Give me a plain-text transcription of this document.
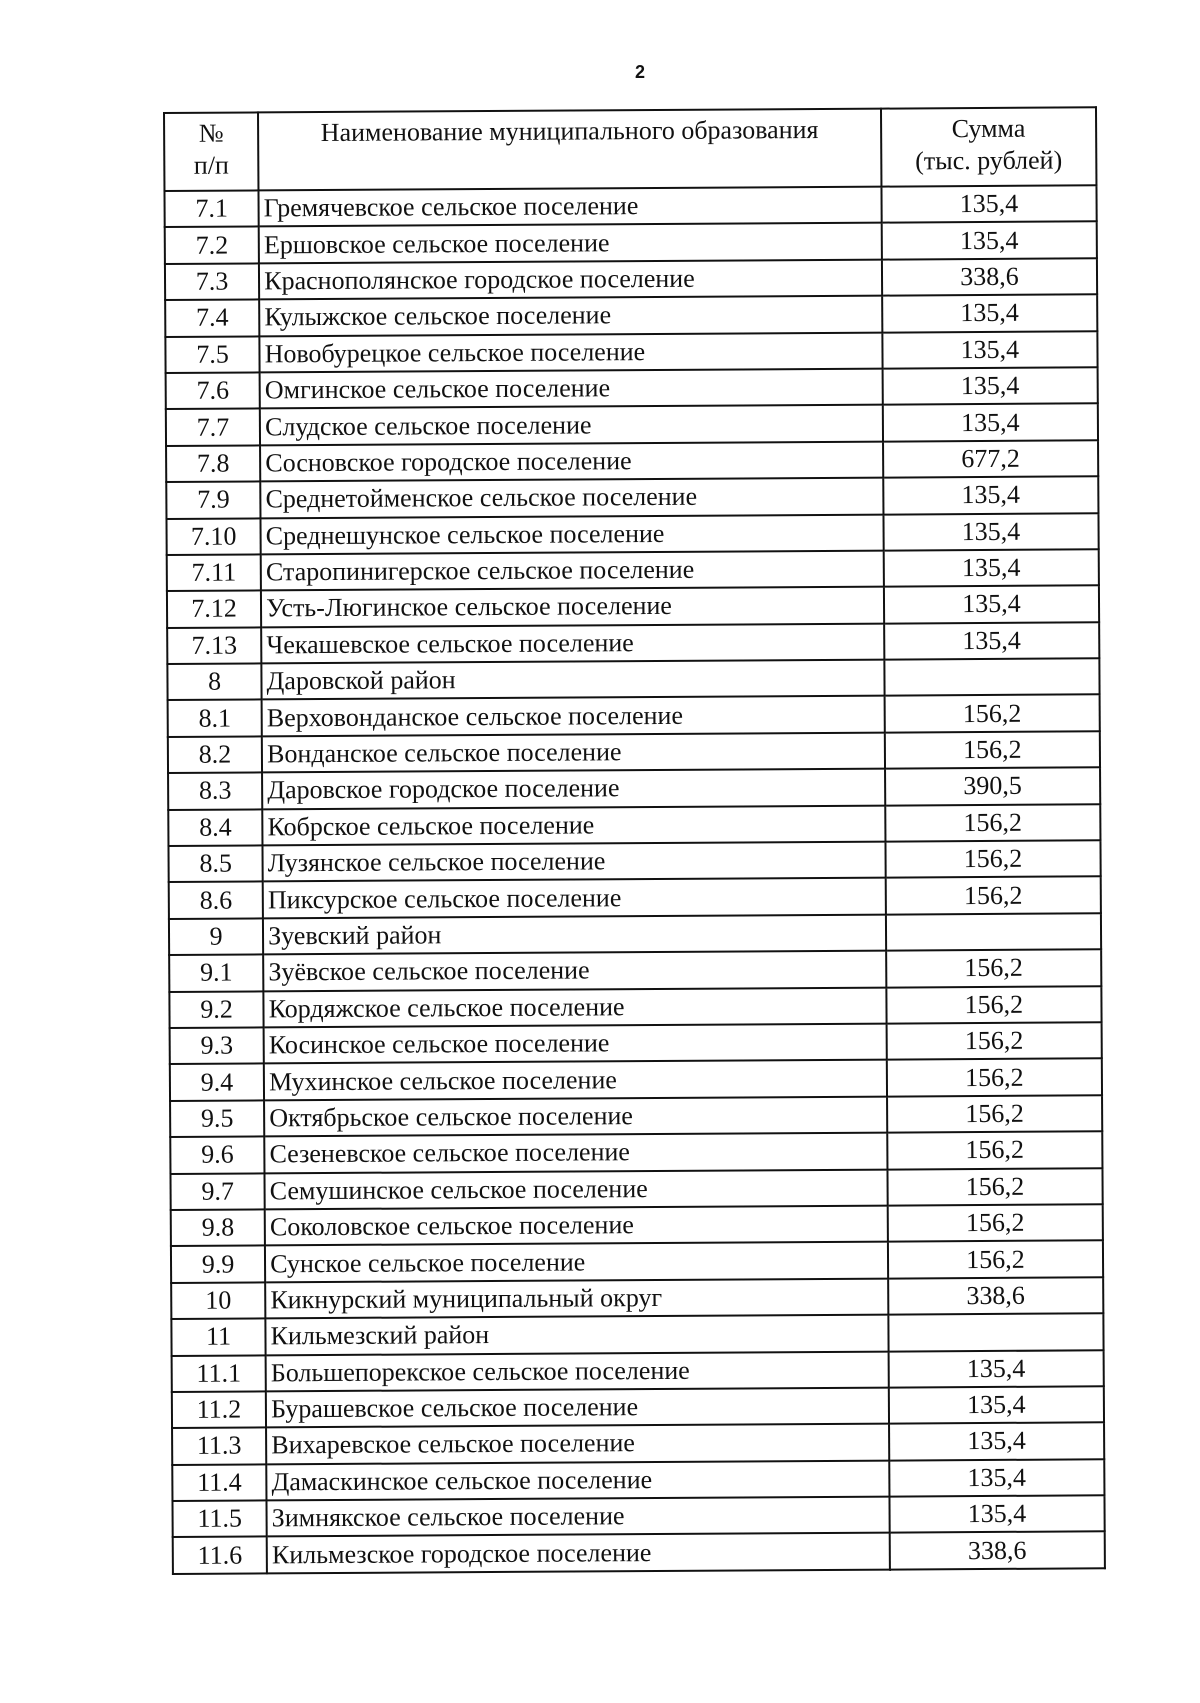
2
№
п/п	Наименование муниципального образования	Сумма
(тыс. рублей)

7.1	Гремячевское сельское поселение	135,4
7.2	Ершовское сельское поселение	135,4
7.3	Краснополянское городское поселение	338,6
7.4	Кулыжское сельское поселение	135,4
7.5	Новобурецкое сельское поселение	135,4
7.6	Омгинское сельское поселение	135,4
7.7	Слудское сельское поселение	135,4
7.8	Сосновское городское поселение	677,2
7.9	Среднетойменское сельское поселение	135,4
7.10	Среднешунское сельское поселение	135,4
7.11	Старопинигерское сельское поселение	135,4
7.12	Усть-Люгинское сельское поселение	135,4
7.13	Чекашевское сельское поселение	135,4
8	Даровской район	
8.1	Верховонданское сельское поселение	156,2
8.2	Вонданское сельское поселение	156,2
8.3	Даровское городское поселение	390,5
8.4	Кобрское сельское поселение	156,2
8.5	Лузянское сельское поселение	156,2
8.6	Пиксурское сельское поселение	156,2
9	Зуевский район	
9.1	Зуёвское сельское поселение	156,2
9.2	Кордяжское сельское поселение	156,2
9.3	Косинское сельское поселение	156,2
9.4	Мухинское сельское поселение	156,2
9.5	Октябрьское сельское поселение	156,2
9.6	Сезеневское сельское поселение	156,2
9.7	Семушинское сельское поселение	156,2
9.8	Соколовское сельское поселение	156,2
9.9	Сунское сельское поселение	156,2
10	Кикнурский муниципальный округ	338,6
11	Кильмезский район	
11.1	Большепорекское сельское поселение	135,4
11.2	Бурашевское сельское поселение	135,4
11.3	Вихаревское сельское поселение	135,4
11.4	Дамаскинское сельское поселение	135,4
11.5	Зимнякское сельское поселение	135,4
11.6	Кильмезское городское поселение	338,6
